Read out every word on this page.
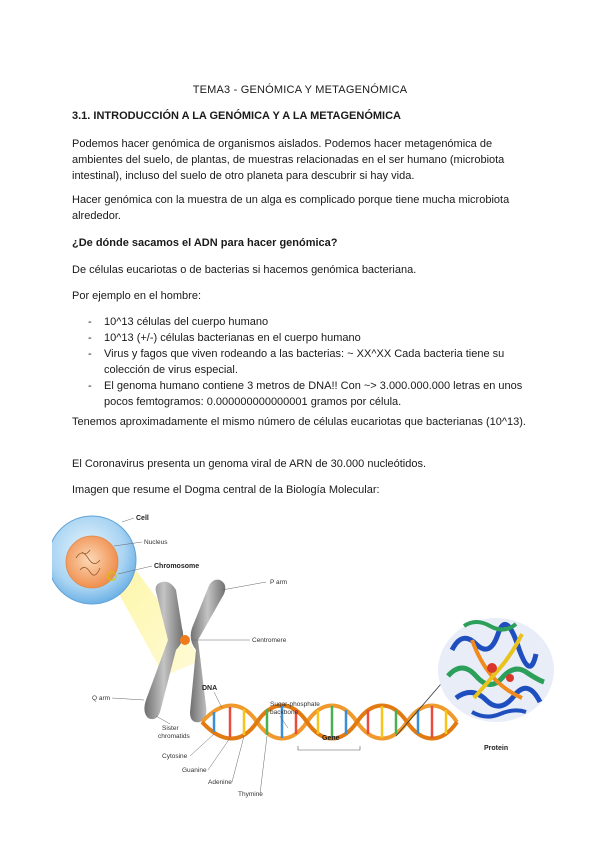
TEMA3 - GENÓMICA Y METAGENÓMICA
3.1. INTRODUCCIÓN A LA GENÓMICA Y A LA METAGENÓMICA
Podemos hacer genómica de organismos aislados. Podemos hacer metagenómica de ambientes del suelo, de plantas, de muestras relacionadas en el ser humano (microbiota intestinal), incluso del suelo de otro planeta para descubrir si hay vida.
Hacer genómica con la muestra de un alga es complicado porque tiene mucha microbiota alrededor.
¿De dónde sacamos el ADN para hacer genómica?
De células eucariotas o de bacterias si hacemos genómica bacteriana.
Por ejemplo en el hombre:
- 10^13 células del cuerpo humano
- 10^13 (+/-) células bacterianas en el cuerpo humano
- Virus y fagos que viven rodeando a las bacterias: ~ XX^XX Cada bacteria tiene su colección de virus especial.
- El genoma humano contiene 3 metros de DNA!! Con ~> 3.000.000.000 letras en unos pocos femtogramos: 0.000000000000001 gramos por célula.
Tenemos aproximadamente el mismo número de células eucariotas que bacterianas (10^13).
El Coronavirus presenta un genoma viral de ARN de 30.000 nucleótidos.
Imagen que resume el Dogma central de la Biología Molecular:
Cell
Nucleus
Chromosome
P arm
Centromere
Q arm
Sister
chromatids
DNA
Sugar-phosphate
backbone
Gene
Cytosine
Guanine
Adenine
Thymine
Protein
